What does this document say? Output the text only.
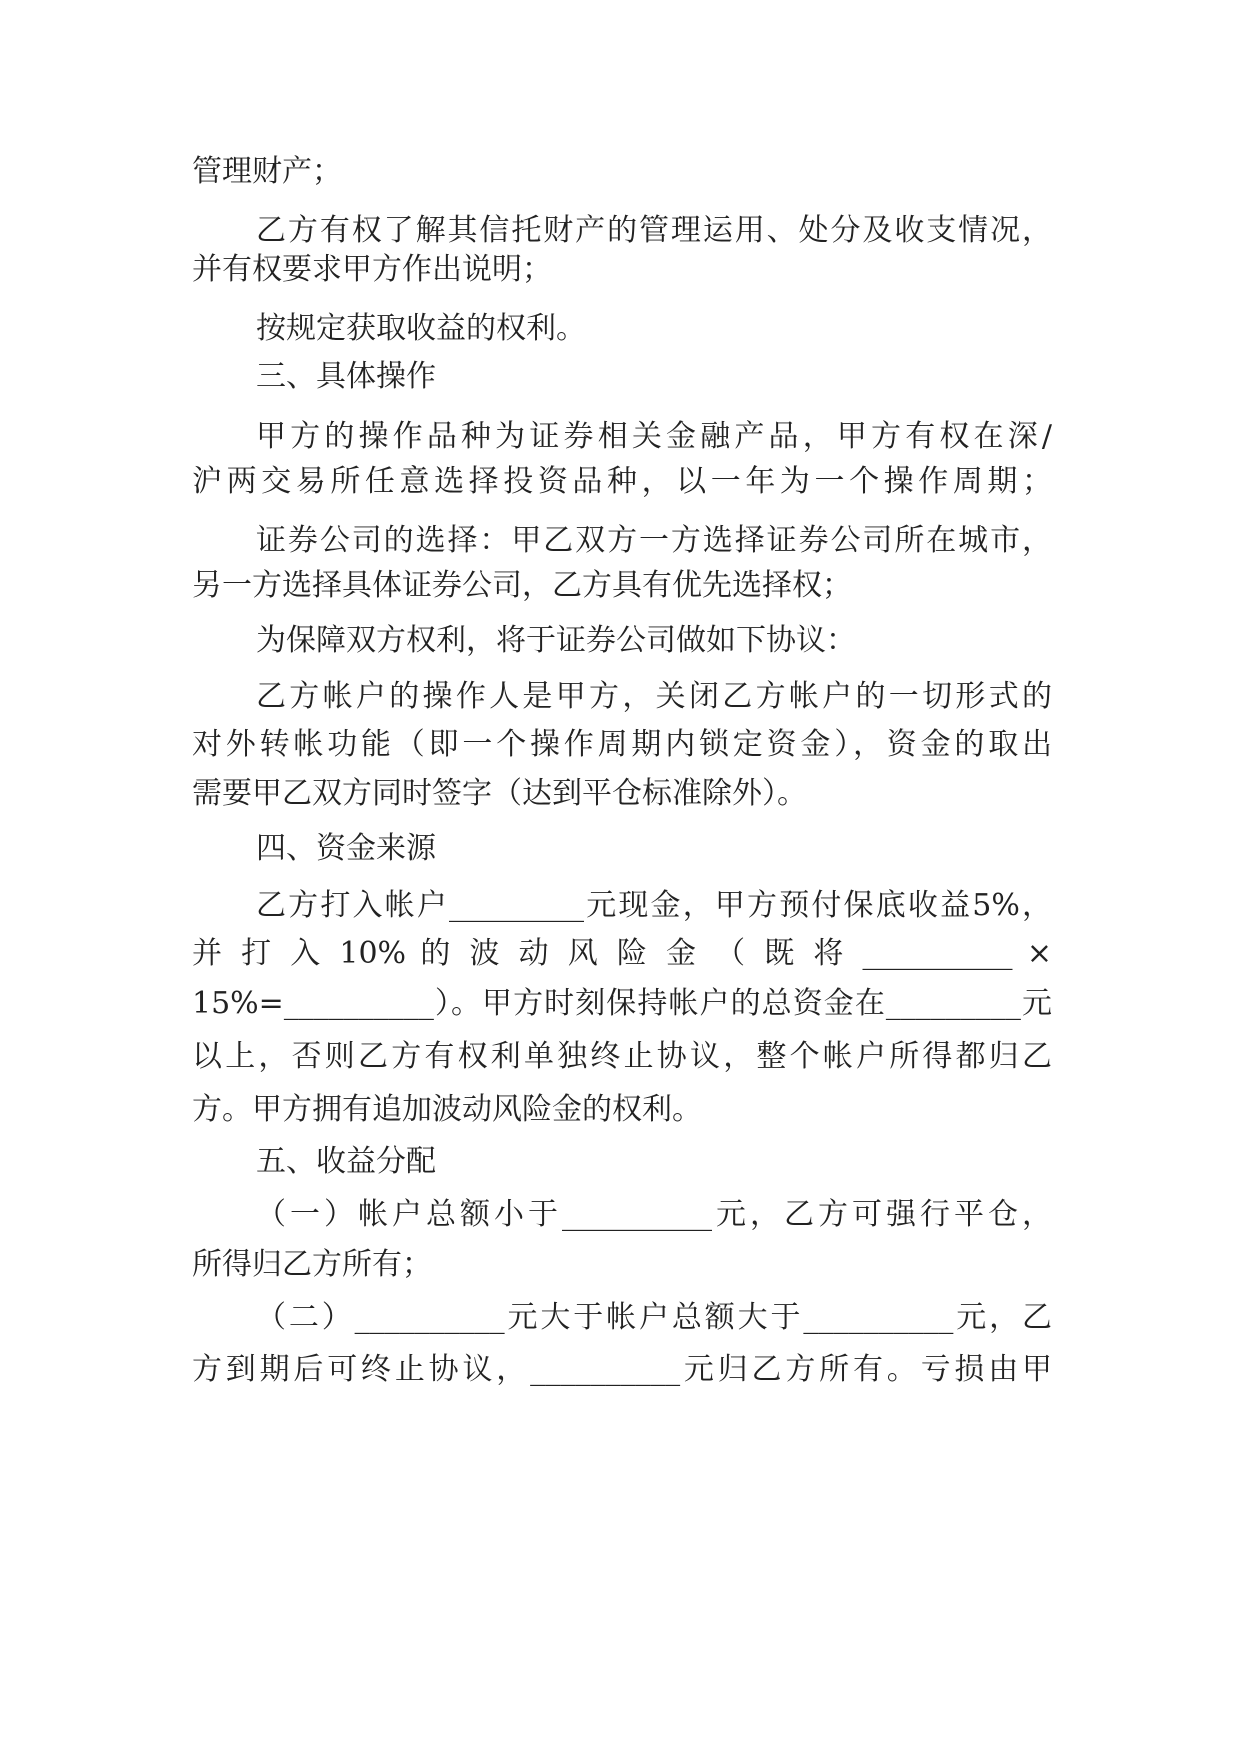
管理财产；
乙方有权了解其信托财产的管理运用、处分及收支情况，
并有权要求甲方作出说明；
按规定获取收益的权利。
三、具体操作
甲方的操作品种为证券相关金融产品，甲方有权在深/
沪两交易所任意选择投资品种，以一年为一个操作周期；
证券公司的选择：甲乙双方一方选择证券公司所在城市，
另一方选择具体证券公司，乙方具有优先选择权；
为保障双方权利，将于证券公司做如下协议：
乙方帐户的操作人是甲方，关闭乙方帐户的一切形式的
对外转帐功能（即一个操作周期内锁定资金），资金的取出
需要甲乙双方同时签字（达到平仓标准除外）。
四、资金来源
乙方打入帐户_________元现金，甲方预付保底收益5%，
并 打 入 10% 的 波 动 风 险 金 （ 既 将 __________ ×
15%=__________）。甲方时刻保持帐户的总资金在_________元
以上，否则乙方有权利单独终止协议，整个帐户所得都归乙
方。甲方拥有追加波动风险金的权利。
五、收益分配
（一）帐户总额小于__________元，乙方可强行平仓，
所得归乙方所有；
（二）__________元大于帐户总额大于__________元，乙
方到期后可终止协议，__________元归乙方所有。亏损由甲
